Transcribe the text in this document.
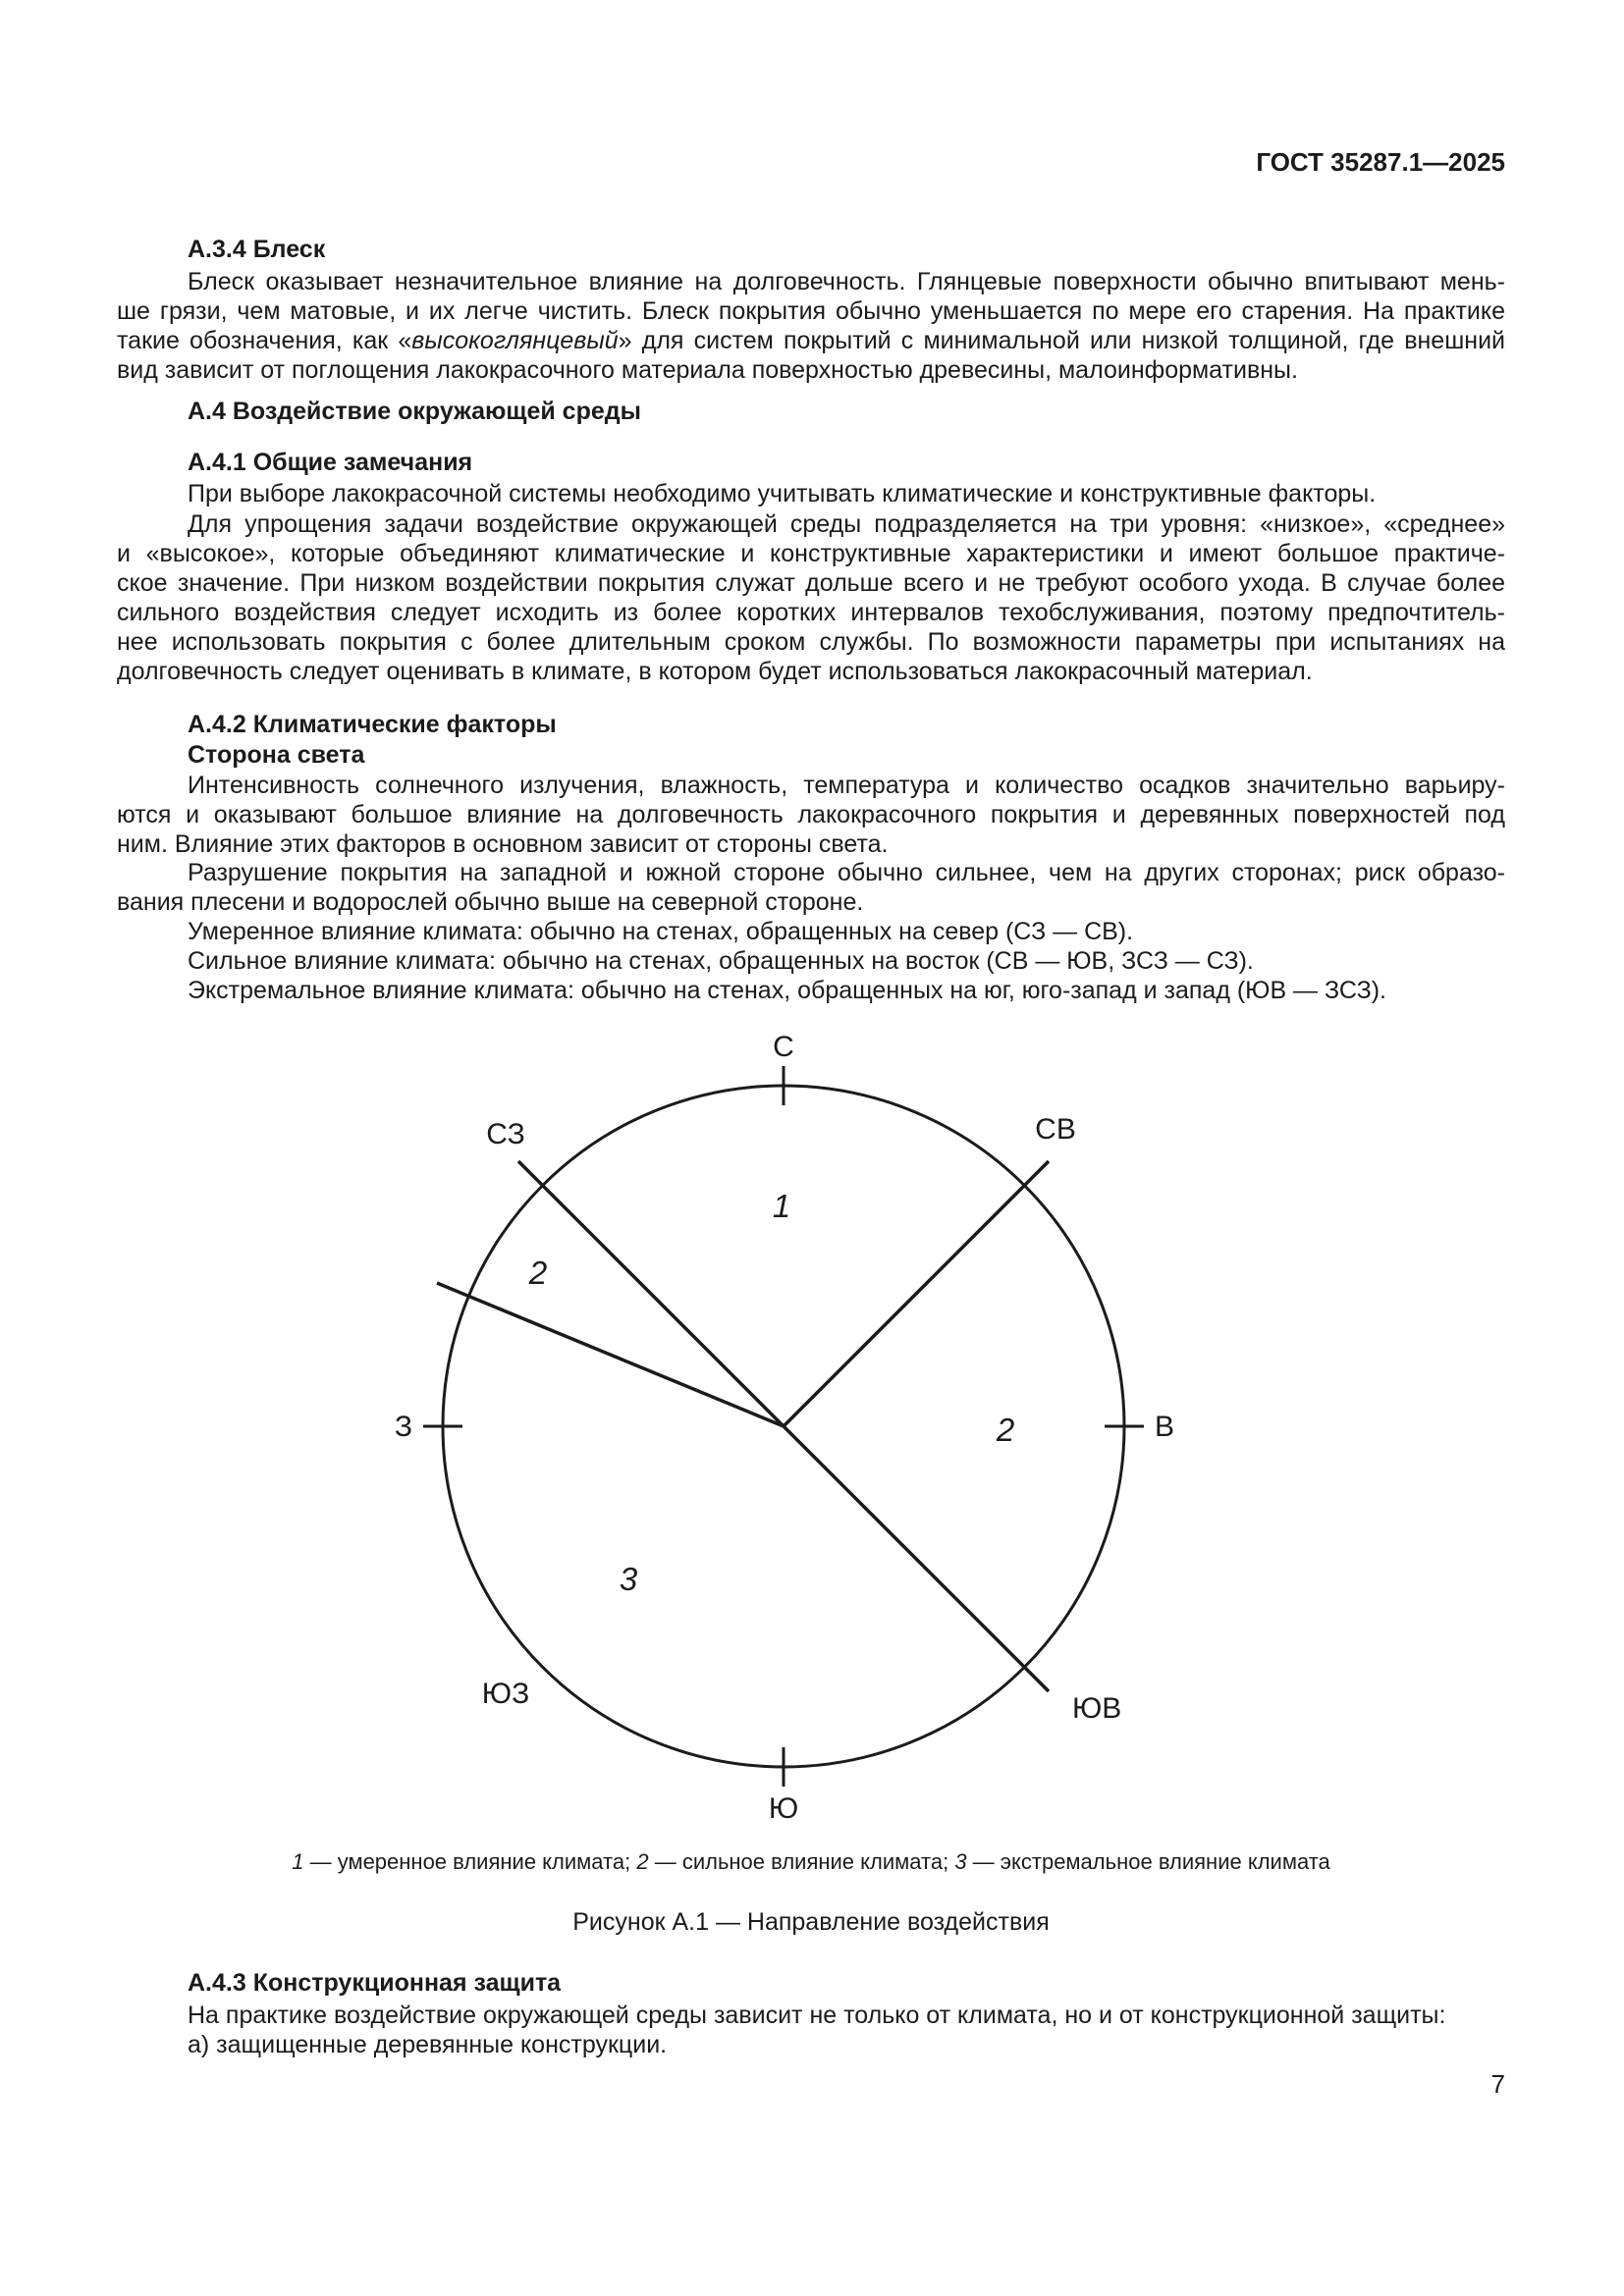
ГОСТ 35287.1—2025
А.3.4 Блеск
Блеск оказывает незначительное влияние на долговечность. Глянцевые поверхности обычно впитывают мень-
ше грязи, чем матовые, и их легче чистить. Блеск покрытия обычно уменьшается по мере его старения. На практике
такие обозначения, как «высокоглянцевый» для систем покрытий с минимальной или низкой толщиной, где внешний
вид зависит от поглощения лакокрасочного материала поверхностью древесины, малоинформативны.
А.4 Воздействие окружающей среды
А.4.1 Общие замечания
При выборе лакокрасочной системы необходимо учитывать климатические и конструктивные факторы.
Для упрощения задачи воздействие окружающей среды подразделяется на три уровня: «низкое», «среднее»
и «высокое», которые объединяют климатические и конструктивные характеристики и имеют большое практиче-
ское значение. При низком воздействии покрытия служат дольше всего и не требуют особого ухода. В случае более
сильного воздействия следует исходить из более коротких интервалов техобслуживания, поэтому предпочтитель-
нее использовать покрытия с более длительным сроком службы. По возможности параметры при испытаниях на
долговечность следует оценивать в климате, в котором будет использоваться лакокрасочный материал.
А.4.2 Климатические факторы
Сторона света
Интенсивность солнечного излучения, влажность, температура и количество осадков значительно варьиру-
ются и оказывают большое влияние на долговечность лакокрасочного покрытия и деревянных поверхностей под
ним. Влияние этих факторов в основном зависит от стороны света.
Разрушение покрытия на западной и южной стороне обычно сильнее, чем на других сторонах; риск образо-
вания плесени и водорослей обычно выше на северной стороне.
Умеренное влияние климата: обычно на стенах, обращенных на север (СЗ — СВ).
Сильное влияние климата: обычно на стенах, обращенных на восток (СВ — ЮВ, ЗСЗ — СЗ).
Экстремальное влияние климата: обычно на стенах, обращенных на юг, юго-запад и запад (ЮВ — ЗСЗ).
С
СЗ	СВ
З	В
ЮЗ	ЮВ
Ю
1
2
2
3
1 — умеренное влияние климата; 2 — сильное влияние климата; 3 — экстремальное влияние климата
Рисунок А.1 — Направление воздействия
А.4.3 Конструкционная защита
На практике воздействие окружающей среды зависит не только от климата, но и от конструкционной защиты:
а) защищенные деревянные конструкции.
7
